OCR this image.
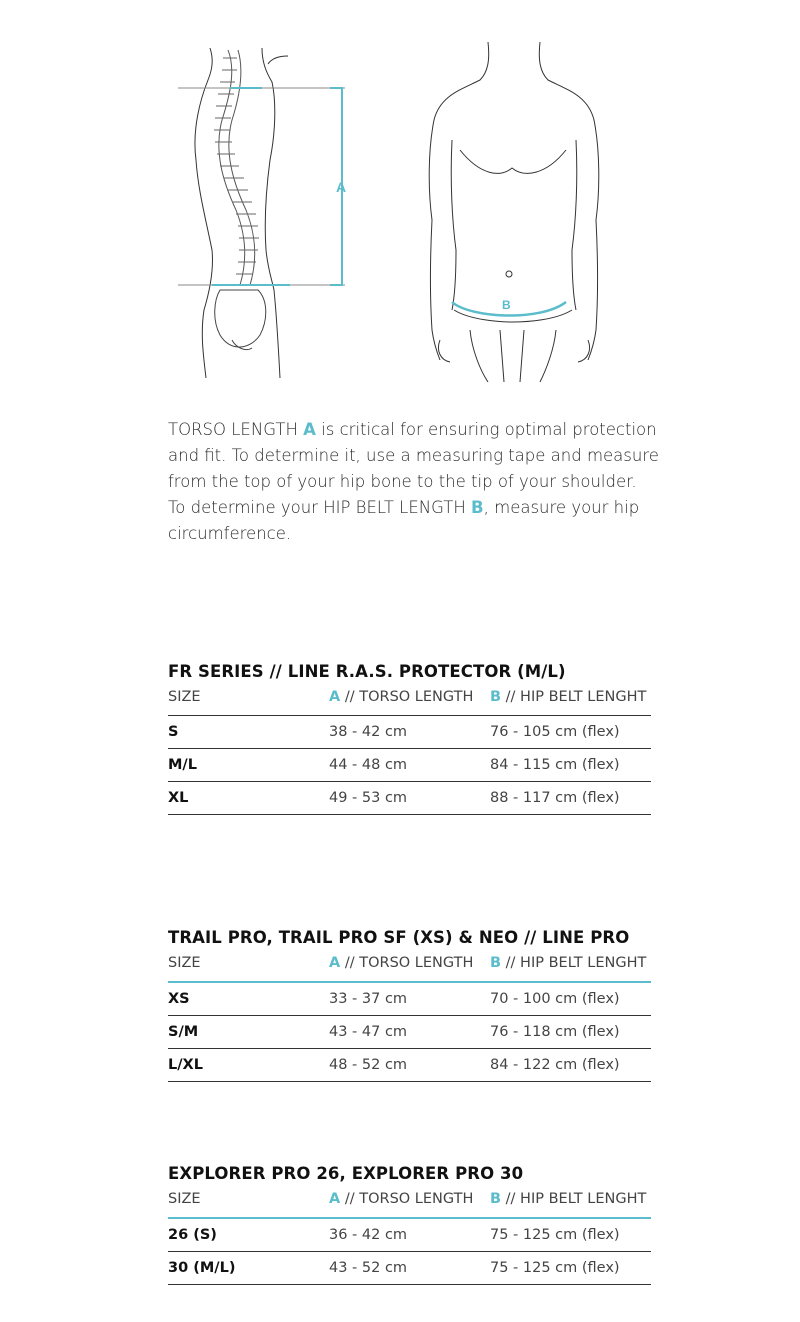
A
B
TORSO LENGTH A is critical for ensuring optimal protection and fit. To determine it, use a measuring tape and measure from the top of your hip bone to the tip of your shoulder.
To determine your HIP BELT LENGTH B, measure your hip circumference.
FR SERIES // LINE R.A.S. PROTECTOR (M/L)
SIZE	A // TORSO LENGTH	B // HIP BELT LENGHT
S	38 - 42 cm	76 - 105 cm (flex)
M/L	44 - 48 cm	84 - 115 cm (flex)
XL	49 - 53 cm	88 - 117 cm (flex)
TRAIL PRO, TRAIL PRO SF (XS) & NEO // LINE PRO
SIZE	A // TORSO LENGTH	B // HIP BELT LENGHT
XS	33 - 37 cm	70 - 100 cm (flex)
S/M	43 - 47 cm	76 - 118 cm (flex)
L/XL	48 - 52 cm	84 - 122 cm (flex)
EXPLORER PRO 26, EXPLORER PRO 30
SIZE	A // TORSO LENGTH	B // HIP BELT LENGHT
26 (S)	36 - 42 cm	75 - 125 cm (flex)
30 (M/L)	43 - 52 cm	75 - 125 cm (flex)
